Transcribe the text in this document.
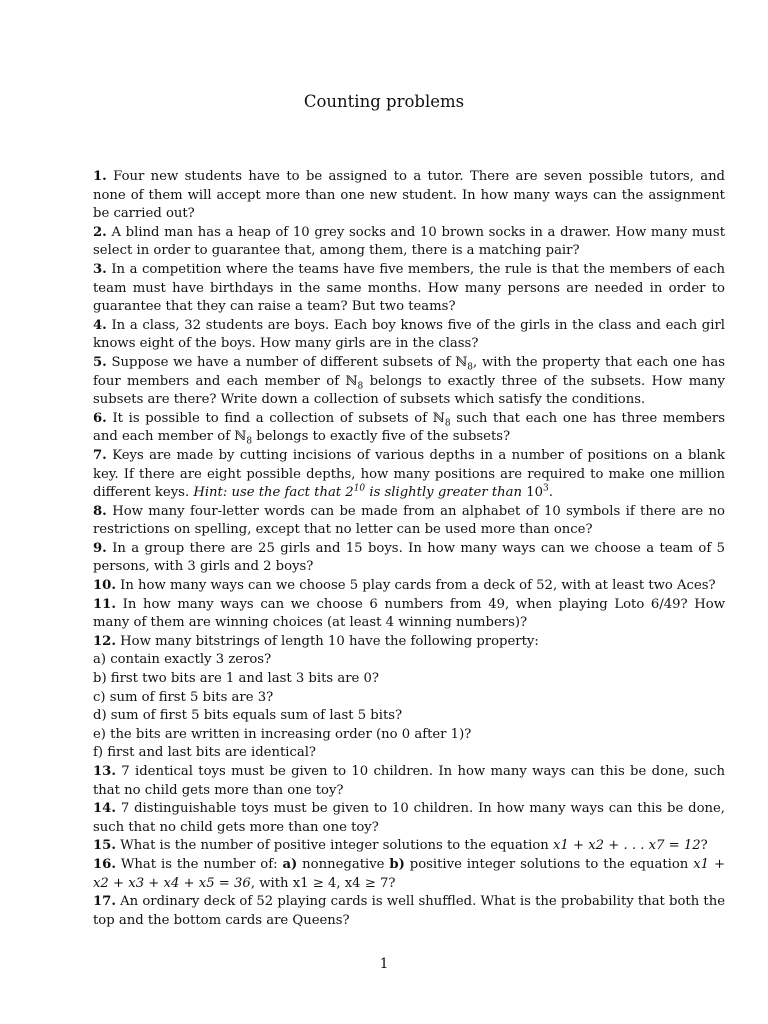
Counting problems

1. Four new students have to be assigned to a tutor. There are seven possible tutors, and none of them will accept more than one new student. In how many ways can the assignment be carried out?

2. A blind man has a heap of 10 grey socks and 10 brown socks in a drawer. How many must select in order to guarantee that, among them, there is a matching pair?

3. In a competition where the teams have five members, the rule is that the members of each team must have birthdays in the same months. How many persons are needed in order to guarantee that they can raise a team? But two teams?

4. In a class, 32 students are boys. Each boy knows five of the girls in the class and each girl knows eight of the boys. How many girls are in the class?

5. Suppose we have a number of different subsets of ℕ$_8$, with the property that each one has four members and each member of ℕ$_8$ belongs to exactly three of the subsets. How many subsets are there? Write down a collection of subsets which satisfy the conditions.

6. It is possible to find a collection of subsets of ℕ$_8$ such that each one has three members and each member of ℕ$_8$ belongs to exactly five of the subsets?

7. Keys are made by cutting incisions of various depths in a number of positions on a blank key. If there are eight possible depths, how many positions are required to make one million different keys. Hint: use the fact that $2^{10}$ is slightly greater than $10^3$.

8. How many four-letter words can be made from an alphabet of 10 symbols if there are no restrictions on spelling, except that no letter can be used more than once?

9. In a group there are 25 girls and 15 boys. In how many ways can we choose a team of 5 persons, with 3 girls and 2 boys?

10. In how many ways can we choose 5 play cards from a deck of 52, with at least two Aces?

11. In how many ways can we choose 6 numbers from 49, when playing Loto 6/49? How many of them are winning choices (at least 4 winning numbers)?

12. How many bitstrings of length 10 have the following property:

a) contain exactly 3 zeros?

b) first two bits are 1 and last 3 bits are 0?

c) sum of first 5 bits are 3?

d) sum of first 5 bits equals sum of last 5 bits?

e) the bits are written in increasing order (no 0 after 1)?

f) first and last bits are identical?

13. 7 identical toys must be given to 10 children. In how many ways can this be done, such that no child gets more than one toy?

14. 7 distinguishable toys must be given to 10 children. In how many ways can this be done, such that no child gets more than one toy?

15. What is the number of positive integer solutions to the equation x1 + x2 + . . . x7 = 12?

16. What is the number of: a) nonnegative b) positive integer solutions to the equation x1 + x2 + x3 + x4 + x5 = 36, with x1 ≥ 4, x4 ≥ 7?

17. An ordinary deck of 52 playing cards is well shuffled. What is the probability that both the top and the bottom cards are Queens?

1
